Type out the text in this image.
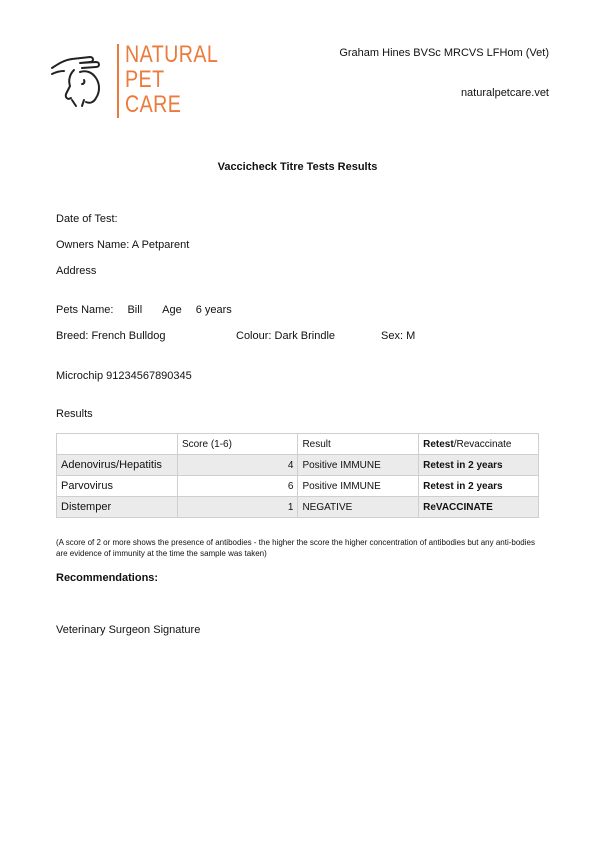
NATURAL
PET
CARE
Graham Hines BVSc MRCVS LFHom (Vet)
naturalpetcare.vet
Vaccicheck Titre Tests Results
Date of Test:
Owners Name: A Petparent
Address
Pets Name: Bill Age 6 years
Breed: French Bulldog	Colour: Dark Brindle	Sex: M
Microchip 91234567890345
Results
	Score (1-6)	Result	Retest/Revaccinate
Adenovirus/Hepatitis	4	Positive IMMUNE	Retest in 2 years
Parvovirus	6	Positive IMMUNE	Retest in 2 years
Distemper	1	NEGATIVE	ReVACCINATE
(A score of 2 or more shows the presence of antibodies - the higher the score the higher concentration of antibodies but any anti-bodies are evidence of immunity at the time the sample was taken)
Recommendations:
Veterinary Surgeon Signature
